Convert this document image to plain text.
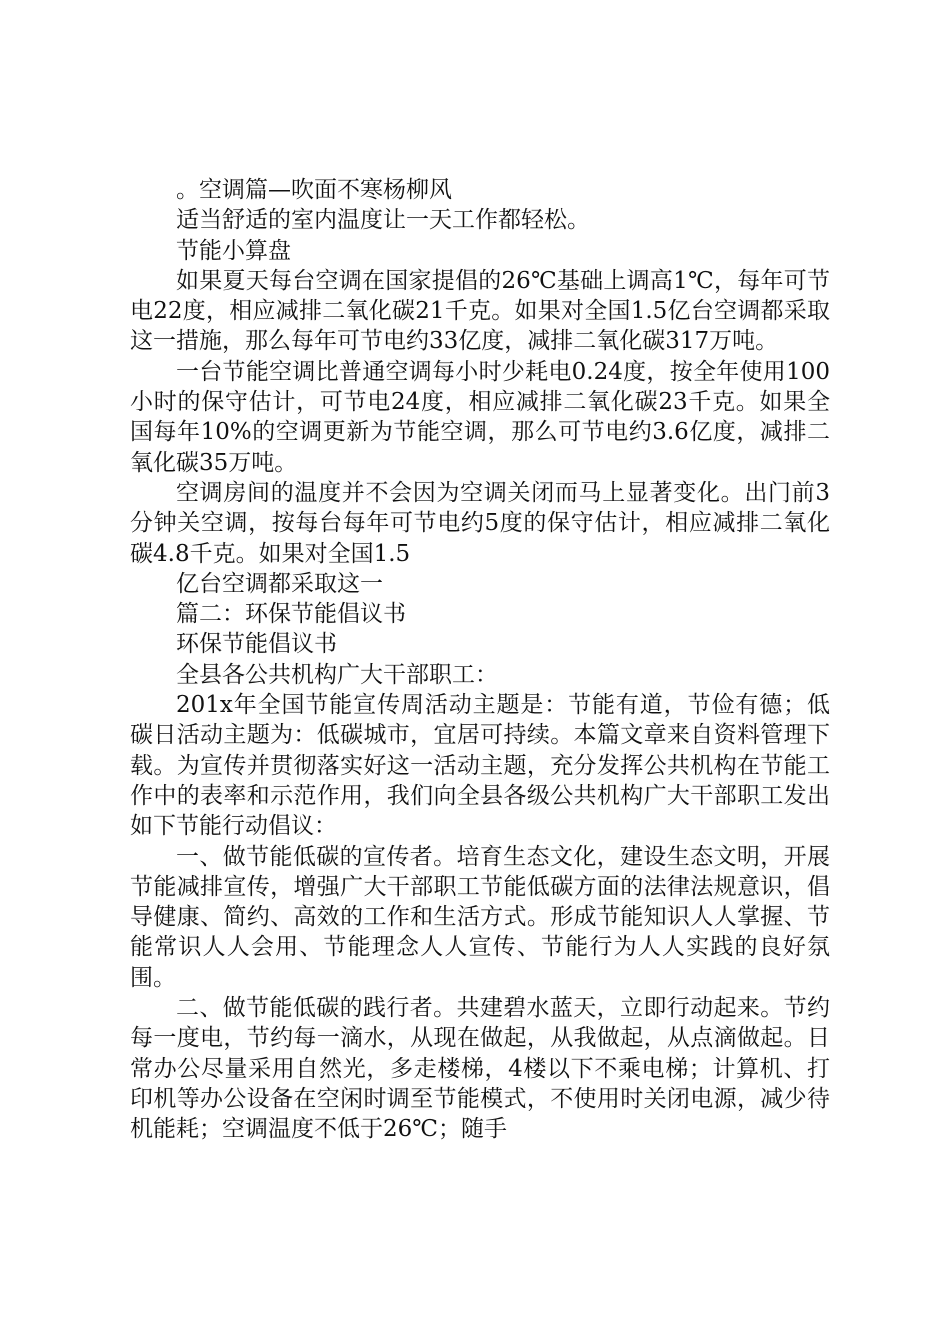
。空调篇—吹面不寒杨柳风

适当舒适的室内温度让一天工作都轻松。

节能小算盘

如果夏天每台空调在国家提倡的26℃基础上调高1℃，每年可节电22度，相应减排二氧化碳21千克。如果对全国1.5亿台空调都采取这一措施，那么每年可节电约33亿度，减排二氧化碳317万吨。

一台节能空调比普通空调每小时少耗电0.24度，按全年使用100小时的保守估计，可节电24度，相应减排二氧化碳23千克。如果全国每年10%的空调更新为节能空调，那么可节电约3.6亿度，减排二氧化碳35万吨。

空调房间的温度并不会因为空调关闭而马上显著变化。出门前3分钟关空调，按每台每年可节电约5度的保守估计，相应减排二氧化碳4.8千克。如果对全国1.5

亿台空调都采取这一

篇二：环保节能倡议书

环保节能倡议书

全县各公共机构广大干部职工：

201x年全国节能宣传周活动主题是：节能有道，节俭有德；低碳日活动主题为：低碳城市，宜居可持续。本篇文章来自资料管理下载。为宣传并贯彻落实好这一活动主题，充分发挥公共机构在节能工作中的表率和示范作用，我们向全县各级公共机构广大干部职工发出如下节能行动倡议：

一、做节能低碳的宣传者。培育生态文化，建设生态文明，开展节能减排宣传，增强广大干部职工节能低碳方面的法律法规意识，倡导健康、简约、高效的工作和生活方式。形成节能知识人人掌握、节能常识人人会用、节能理念人人宣传、节能行为人人实践的良好氛围。

二、做节能低碳的践行者。共建碧水蓝天，立即行动起来。节约每一度电，节约每一滴水，从现在做起，从我做起，从点滴做起。日常办公尽量采用自然光，多走楼梯，4楼以下不乘电梯；计算机、打印机等办公设备在空闲时调至节能模式，不使用时关闭电源，减少待机能耗；空调温度不低于26℃；随手
